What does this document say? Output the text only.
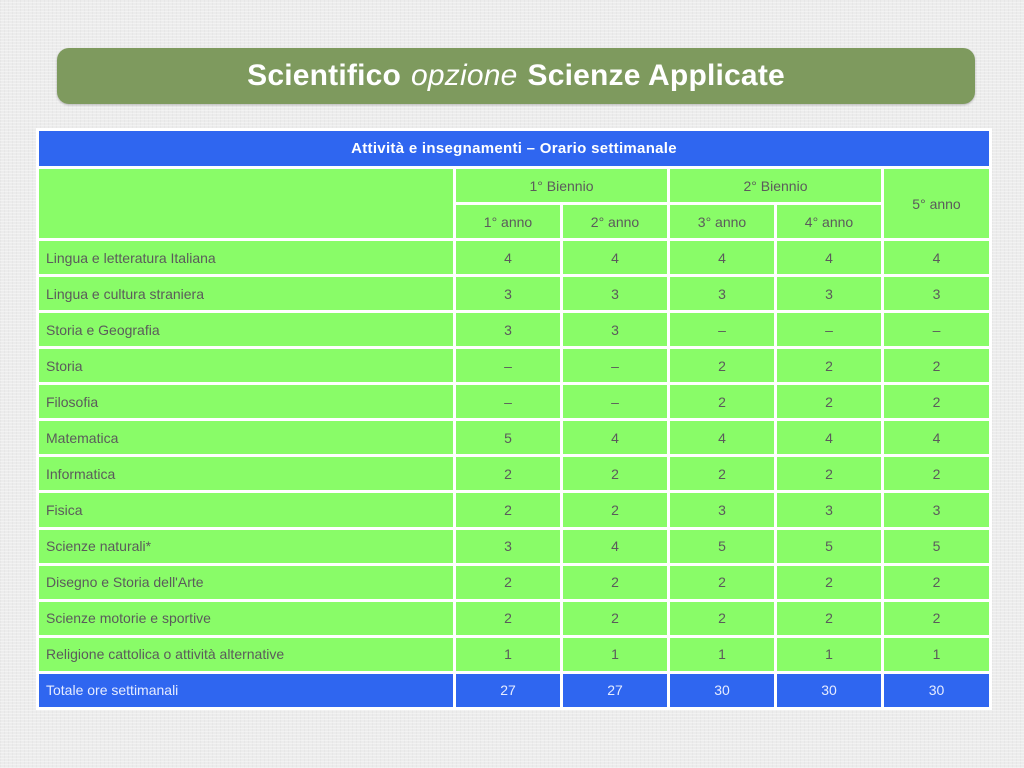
Scientifico opzione Scienze Applicate
Attività e insegnamenti – Orario settimanale					
	1° Biennio		2° Biennio		5° anno
	1° anno	2° anno	3° anno	4° anno	
Lingua e letteratura Italiana	4	4	4	4	4
Lingua e cultura straniera	3	3	3	3	3
Storia e Geografia	3	3	–	–	–
Storia	–	–	2	2	2
Filosofia	–	–	2	2	2
Matematica	5	4	4	4	4
Informatica	2	2	2	2	2
Fisica	2	2	3	3	3
Scienze naturali*	3	4	5	5	5
Disegno e Storia dell'Arte	2	2	2	2	2
Scienze motorie e sportive	2	2	2	2	2
Religione cattolica o attività alternative	1	1	1	1	1
Totale ore settimanali	27	27	30	30	30
